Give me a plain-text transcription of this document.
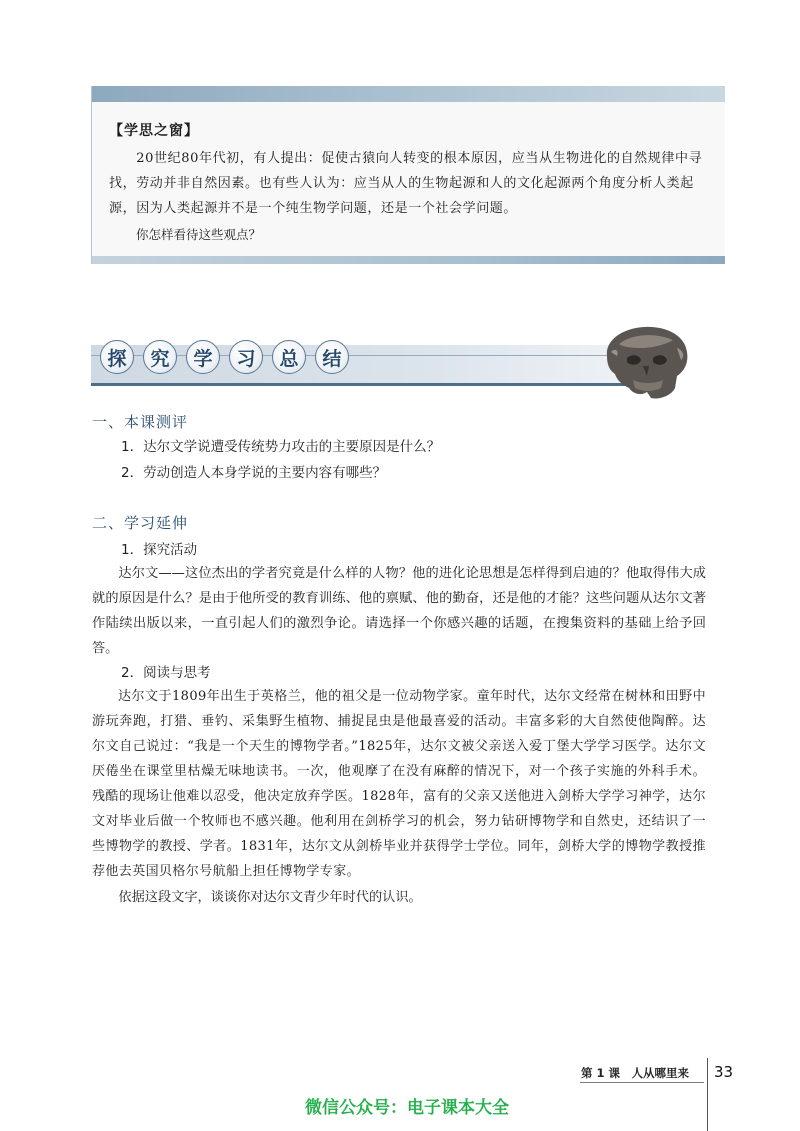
【学思之窗】

20世纪80年代初，有人提出：促使古猿向人转变的根本原因，应当从生物进化的自然规律中寻找，劳动并非自然因素。也有些人认为：应当从人的生物起源和人的文化起源两个角度分析人类起源，因为人类起源并不是一个纯生物学问题，还是一个社会学问题。

你怎样看待这些观点？

探	究	学	习	总	结
一、本课测评

1．达尔文学说遭受传统势力攻击的主要原因是什么？

2．劳动创造人本身学说的主要内容有哪些？

二、学习延伸

1．探究活动

达尔文——这位杰出的学者究竟是什么样的人物？他的进化论思想是怎样得到启迪的？他取得伟大成就的原因是什么？是由于他所受的教育训练、他的禀赋、他的勤奋，还是他的才能？这些问题从达尔文著作陆续出版以来，一直引起人们的激烈争论。请选择一个你感兴趣的话题，在搜集资料的基础上给予回答。

2．阅读与思考

达尔文于1809年出生于英格兰，他的祖父是一位动物学家。童年时代，达尔文经常在树林和田野中游玩奔跑，打猎、垂钓、采集野生植物、捕捉昆虫是他最喜爱的活动。丰富多彩的大自然使他陶醉。达尔文自己说过：“我是一个天生的博物学者。”1825年，达尔文被父亲送入爱丁堡大学学习医学。达尔文厌倦坐在课堂里枯燥无味地读书。一次，他观摩了在没有麻醉的情况下，对一个孩子实施的外科手术。残酷的现场让他难以忍受，他决定放弃学医。1828年，富有的父亲又送他进入剑桥大学学习神学，达尔文对毕业后做一个牧师也不感兴趣。他利用在剑桥学习的机会，努力钻研博物学和自然史，还结识了一些博物学的教授、学者。1831年，达尔文从剑桥毕业并获得学士学位。同年，剑桥大学的博物学教授推荐他去英国贝格尔号航船上担任博物学专家。

依据这段文字，谈谈你对达尔文青少年时代的认识。

第 1 课　人从哪里来 33
微信公众号：电子课本大全
